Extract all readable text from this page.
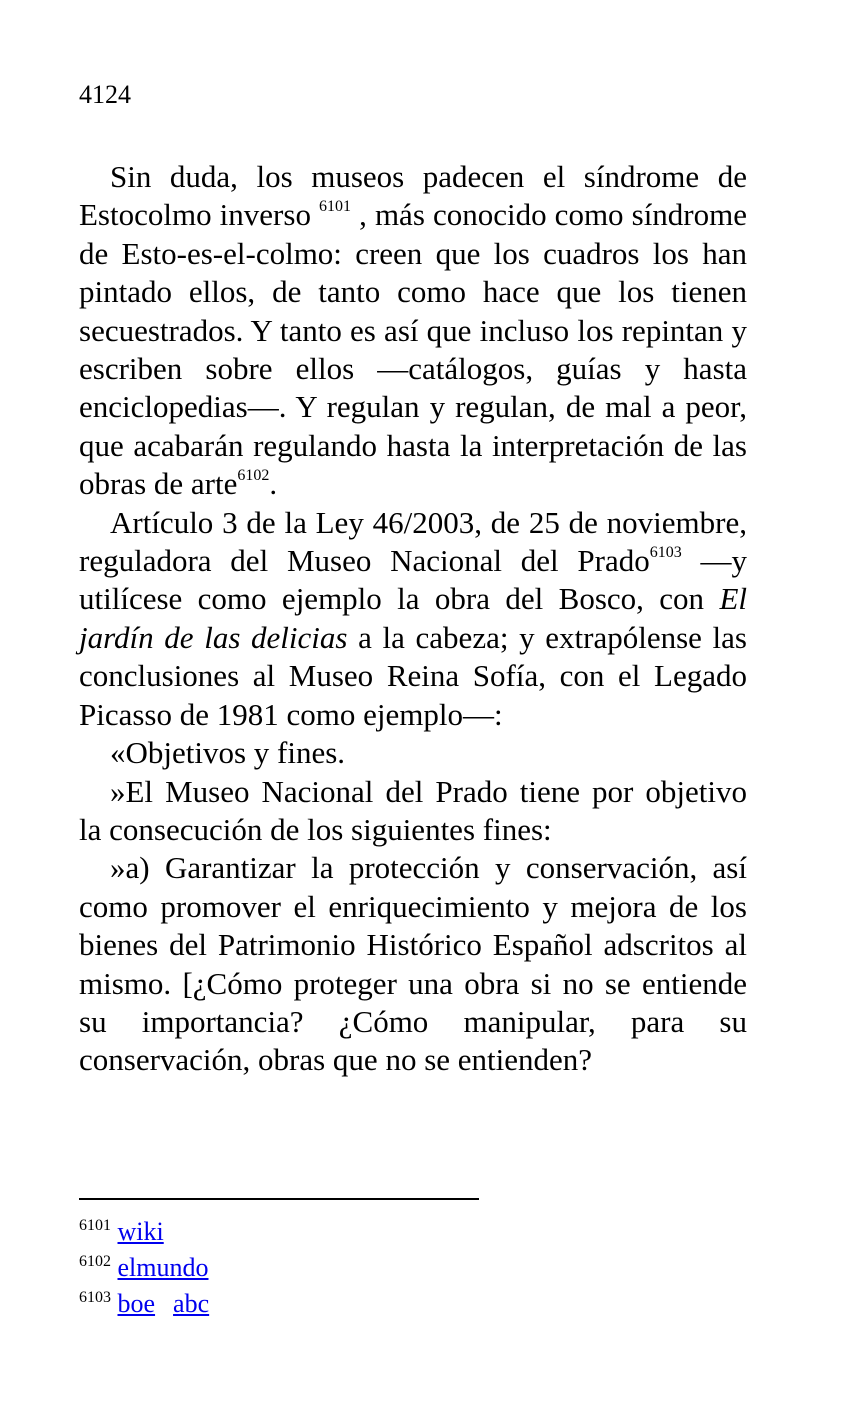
4124

Sin duda, los museos padecen el síndrome de Estocolmo inverso $^{6101}$ , más conocido como síndrome de Esto-es-el-colmo: creen que los cuadros los han pintado ellos, de tanto como hace que los tienen secuestrados. Y tanto es así que incluso los repintan y escriben sobre ellos —catálogos, guías y hasta enciclopedias—. Y regulan y regulan, de mal a peor, que acabarán regulando hasta la interpretación de las obras de arte$^{6102}$.

Artículo 3 de la Ley 46/2003, de 25 de noviembre, reguladora del Museo Nacional del Prado$^{6103}$ —y utilícese como ejemplo la obra del Bosco, con El jardín de las delicias a la cabeza; y extrapólense las conclusiones al Museo Reina Sofía, con el Legado Picasso de 1981 como ejemplo—:

«Objetivos y fines.

»El Museo Nacional del Prado tiene por objetivo la consecución de los siguientes fines:

»a) Garantizar la protección y conservación, así como promover el enriquecimiento y mejora de los bienes del Patrimonio Histórico Español adscritos al mismo. [¿Cómo proteger una obra si no se entiende su importancia? ¿Cómo manipular, para su conservación, obras que no se entienden?

$^{6101}$ wiki
$^{6102}$ elmundo
$^{6103}$ boe abc
